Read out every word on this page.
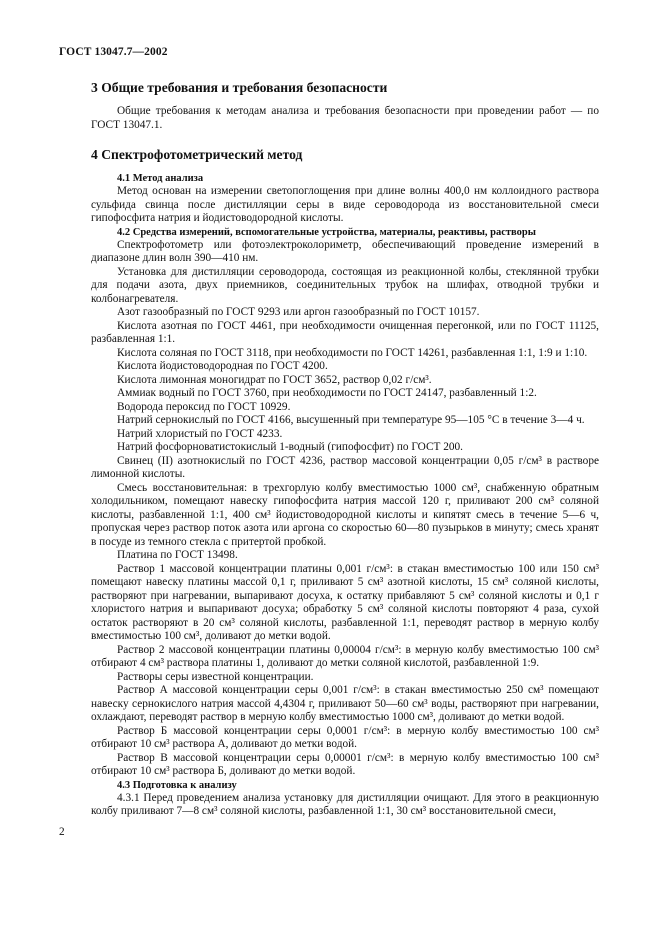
ГОСТ 13047.7—2002
3 Общие требования и требования безопасности

Общие требования к методам анализа и требования безопасности при проведении работ — по ГОСТ 13047.1.

4 Спектрофотометрический метод
4.1 Метод анализа

Метод основан на измерении светопоглощения при длине волны 400,0 нм коллоидного раствора сульфида свинца после дистилляции серы в виде сероводорода из восстановительной смеси гипофосфита натрия и йодистоводородной кислоты.

4.2 Средства измерений, вспомогательные устройства, материалы, реактивы, растворы

Спектрофотометр или фотоэлектроколориметр, обеспечивающий проведение измерений в диапазоне длин волн 390—410 нм.

Установка для дистилляции сероводорода, состоящая из реакционной колбы, стеклянной трубки для подачи азота, двух приемников, соединительных трубок на шлифах, отводной трубки и колбонагревателя.

Азот газообразный по ГОСТ 9293 или аргон газообразный по ГОСТ 10157.

Кислота азотная по ГОСТ 4461, при необходимости очищенная перегонкой, или по ГОСТ 11125, разбавленная 1:1.

Кислота соляная по ГОСТ 3118, при необходимости по ГОСТ 14261, разбавленная 1:1, 1:9 и 1:10.

Кислота йодистоводородная по ГОСТ 4200.

Кислота лимонная моногидрат по ГОСТ 3652, раствор 0,02 г/см³.

Аммиак водный по ГОСТ 3760, при необходимости по ГОСТ 24147, разбавленный 1:2.

Водорода пероксид по ГОСТ 10929.

Натрий сернокислый по ГОСТ 4166, высушенный при температуре 95—105 °С в течение 3—4 ч.

Натрий хлористый по ГОСТ 4233.

Натрий фосфорноватистокислый 1-водный (гипофосфит) по ГОСТ 200.

Свинец (II) азотнокислый по ГОСТ 4236, раствор массовой концентрации 0,05 г/см³ в растворе лимонной кислоты.

Смесь восстановительная: в трехгорлую колбу вместимостью 1000 см³, снабженную обратным холодильником, помещают навеску гипофосфита натрия массой 120 г, приливают 200 см³ соляной кислоты, разбавленной 1:1, 400 см³ йодистоводородной кислоты и кипятят смесь в течение 5—6 ч, пропуская через раствор поток азота или аргона со скоростью 60—80 пузырьков в минуту; смесь хранят в посуде из темного стекла с притертой пробкой.

Платина по ГОСТ 13498.

Раствор 1 массовой концентрации платины 0,001 г/см³: в стакан вместимостью 100 или 150 см³ помещают навеску платины массой 0,1 г, приливают 5 см³ азотной кислоты, 15 см³ соляной кислоты, растворяют при нагревании, выпаривают досуха, к остатку прибавляют 5 см³ соляной кислоты и 0,1 г хлористого натрия и выпаривают досуха; обработку 5 см³ соляной кислоты повторяют 4 раза, сухой остаток растворяют в 20 см³ соляной кислоты, разбавленной 1:1, переводят раствор в мерную колбу вместимостью 100 см³, доливают до метки водой.

Раствор 2 массовой концентрации платины 0,00004 г/см³: в мерную колбу вместимостью 100 см³ отбирают 4 см³ раствора платины 1, доливают до метки соляной кислотой, разбавленной 1:9.

Растворы серы известной концентрации.

Раствор А массовой концентрации серы 0,001 г/см³: в стакан вместимостью 250 см³ помещают навеску сернокислого натрия массой 4,4304 г, приливают 50—60 см³ воды, растворяют при нагревании, охлаждают, переводят раствор в мерную колбу вместимостью 1000 см³, доливают до метки водой.

Раствор Б массовой концентрации серы 0,0001 г/см³: в мерную колбу вместимостью 100 см³ отбирают 10 см³ раствора А, доливают до метки водой.

Раствор В массовой концентрации серы 0,00001 г/см³: в мерную колбу вместимостью 100 см³ отбирают 10 см³ раствора Б, доливают до метки водой.

4.3 Подготовка к анализу

4.3.1 Перед проведением анализа установку для дистилляции очищают. Для этого в реакционную колбу приливают 7—8 см³ соляной кислоты, разбавленной 1:1, 30 см³ восстановительной смеси,

2
